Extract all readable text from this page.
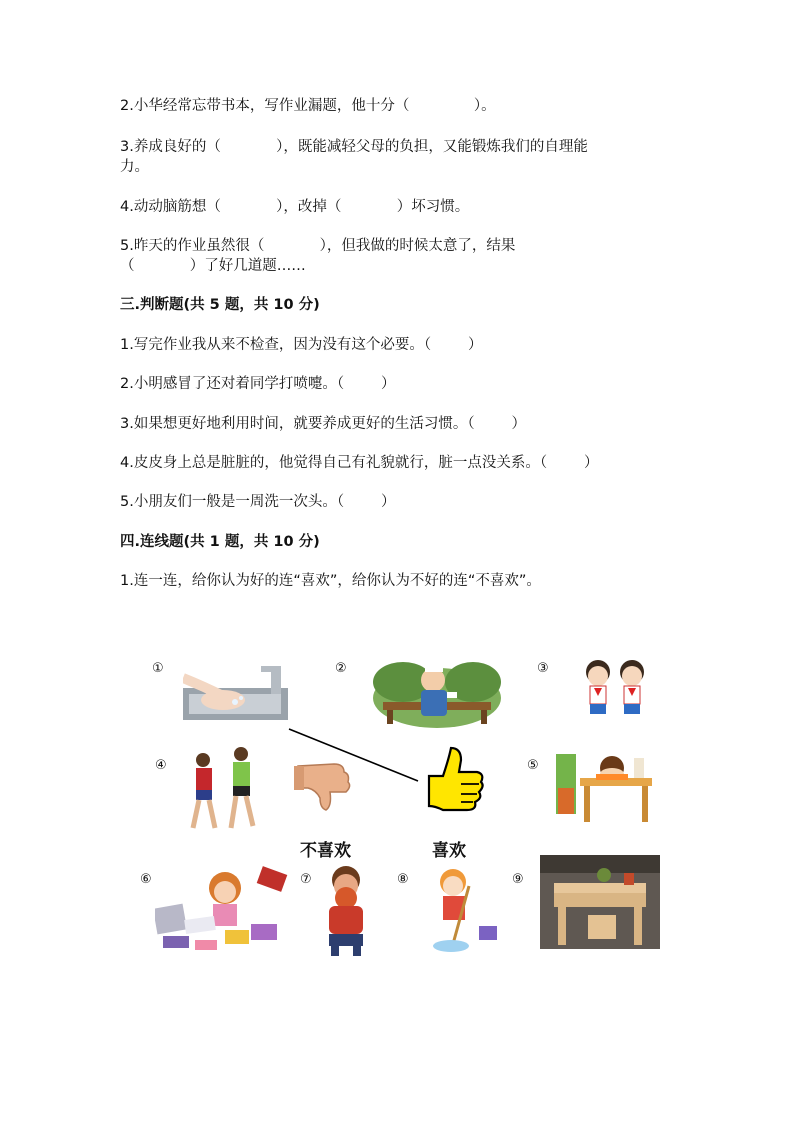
2.小华经常忘带书本，写作业漏题，他十分（              ）。
3.养成良好的（            ），既能减轻父母的负担，又能锻炼我们的自理能
力。
4.动动脑筋想（            ），改掉（            ）坏习惯。
5.昨天的作业虽然很（            ），但我做的时候太意了，结果
（            ）了好几道题……
三.判断题(共 5 题，共 10 分)
1.写完作业我从来不检查，因为没有这个必要。（        ）
2.小明感冒了还对着同学打喷嚏。（        ）
3.如果想更好地利用时间，就要养成更好的生活习惯。（        ）
4.皮皮身上总是脏脏的，他觉得自己有礼貌就行，脏一点没关系。（        ）
5.小朋友们一般是一周洗一次头。（        ）
四.连线题(共 1 题，共 10 分)
1.连一连，给你认为好的连“喜欢”，给你认为不好的连“不喜欢”。
①	②	③
④	⑤
⑥	⑦	⑧	⑨
不喜欢	喜欢
